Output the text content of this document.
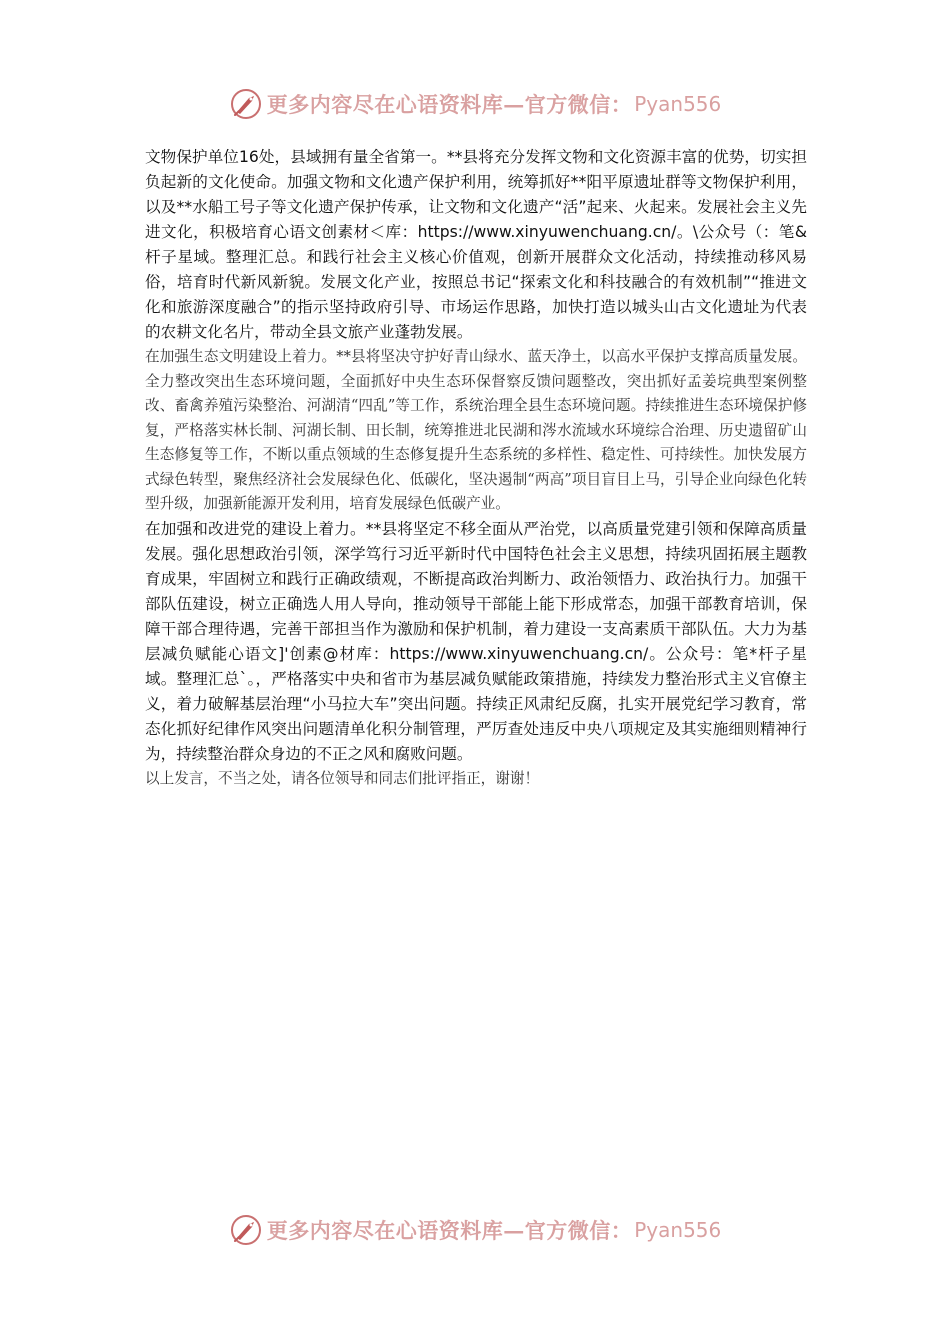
更多内容尽在心语资料库—官方微信： Pyan556

文物保护单位16处，县域拥有量全省第一。**县将充分发挥文物和文化资源丰富的优势，切实担负起新的文化使命。加强文物和文化遗产保护利用，统筹抓好**阳平原遗址群等文物保护利用，以及**水船工号子等文化遗产保护传承，让文物和文化遗产“活”起来、火起来。发展社会主义先进文化，积极培育心语文创素材＜库：https://www.xinyuwenchuang.cn/。\公众号（：笔&杆子星域。整理汇总。和践行社会主义核心价值观，创新开展群众文化活动，持续推动移风易俗，培育时代新风新貌。发展文化产业，按照总书记“探索文化和科技融合的有效机制”“推进文化和旅游深度融合”的指示坚持政府引导、市场运作思路，加快打造以城头山古文化遗址为代表的农耕文化名片，带动全县文旅产业蓬勃发展。

在加强生态文明建设上着力。**县将坚决守护好青山绿水、蓝天净土，以高水平保护支撑高质量发展。全力整改突出生态环境问题，全面抓好中央生态环保督察反馈问题整改，突出抓好孟姜垸典型案例整改、畜禽养殖污染整治、河湖清“四乱”等工作，系统治理全县生态环境问题。持续推进生态环境保护修复，严格落实林长制、河湖长制、田长制，统筹推进北民湖和涔水流域水环境综合治理、历史遗留矿山生态修复等工作，不断以重点领域的生态修复提升生态系统的多样性、稳定性、可持续性。加快发展方式绿色转型，聚焦经济社会发展绿色化、低碳化，坚决遏制“两高”项目盲目上马，引导企业向绿色化转型升级，加强新能源开发利用，培育发展绿色低碳产业。

在加强和改进党的建设上着力。**县将坚定不移全面从严治党，以高质量党建引领和保障高质量发展。强化思想政治引领，深学笃行习近平新时代中国特色社会主义思想，持续巩固拓展主题教育成果，牢固树立和践行正确政绩观，不断提高政治判断力、政治领悟力、政治执行力。加强干部队伍建设，树立正确选人用人导向，推动领导干部能上能下形成常态，加强干部教育培训，保障干部合理待遇，完善干部担当作为激励和保护机制，着力建设一支高素质干部队伍。大力为基层减负赋能心语文]'创素@材库：https://www.xinyuwenchuang.cn/。公众号：笔*杆子星域。整理汇总`。，严格落实中央和省市为基层减负赋能政策措施，持续发力整治形式主义官僚主义，着力破解基层治理“小马拉大车”突出问题。持续正风肃纪反腐，扎实开展党纪学习教育，常态化抓好纪律作风突出问题清单化积分制管理，严厉查处违反中央八项规定及其实施细则精神行为，持续整治群众身边的不正之风和腐败问题。

以上发言，不当之处，请各位领导和同志们批评指正，谢谢！

更多内容尽在心语资料库—官方微信： Pyan556
